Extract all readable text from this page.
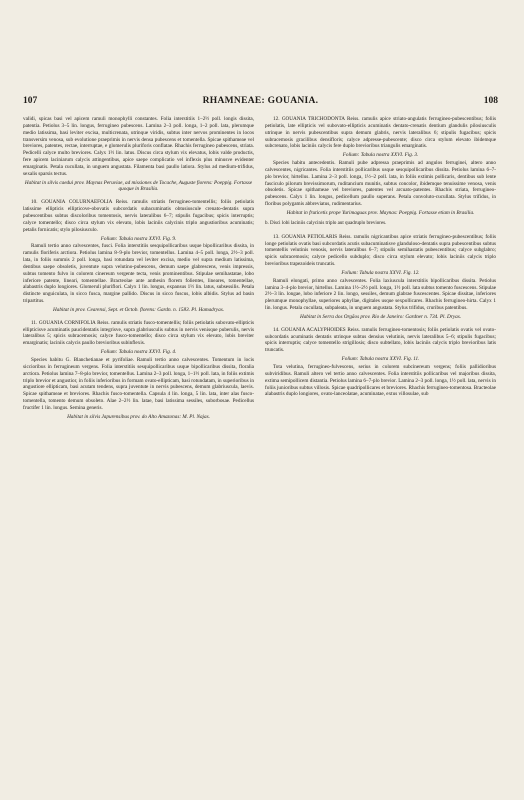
107	RHAMNEAE: GOUANIA.	108

validi, spicas basi vel apicem ramuli monophylli constantes. Folia interstitiis 1–2½ poll. longis dissita, patentia. Petiolus 3–5 lin. longus, ferrugineo pubescens. Lamina 2–3 poll. longa, 1–2 poll. lata, plerumque medio latissima, basi leviter excisa, multicrenata, utrinque viridis, subtus inter nervos prominentes in locos transversim venosa, sub evolutione praeprimis in nervis densa pubescens et tomentella. Spicae spithameae vel breviores, patentes, rectae, interruptae, e glomerulis pluriforis conflatae. Rhachis ferrugineo pubescens, striata. Pedicelli calyce multo breviores. Calyx 1½ lin. latus. Discus circa stylum vix elevatus, lobis valde productis, fere apicem laciniarum calycis attingentibus, apice saepe complicatio vel inflexis plus minusve evidenter emarginatis. Petala cucullata, in unguem angustata. Filamenta basi paullo latiora. Stylus ad medium-trifidus, sexalis sparsis tectus.

Habitat in silvis caedui prov. Maynas Peruviae, ad missiones de Tocache, Auguste fiorens: Poeppig. Fortasse quoque in Brasilia.

10. GOUANIA COLURNAEFOLIA Reiss. ramulis striatis ferrugineo-tomentellis; foliis petiolatis latissime ellipticis ellipticove-obovatis subcordatis subacuminatis obtusiuscule crenato-dentatis supra pubescentibus subtus discoloribus tomentosis, nervis lateralibus 6–7; stipulis fugacibus; spicis interruptis; calyce tomentello; disco circa stylum vix elevato, lobis laciniis calycinis triplo angustioribus acuminatis; petalis fornicatis; stylo pilosiusculo.

Folium: Tabula nostra XXVI. Fig. 9.

Ramuli tertio anno calvescentes, fusci. Folia interstitiis sesquipollicaribus usque bipollicaribus dissita, in ramulis floriferis arctiora. Petiolus lamina 8–9-plo brevior, tomentellus. Lamina 4–5 poll. longa, 2½–3 poll. lata, in foliis summis 2 poll. longa, basi rotundata vel leviter excisa, medio vel supra medium latissima, dentibus saepe obsoletis, juventute supra velutino-pubescens, demum saepe glabrescens, venis impressis, subtus tomento fulvo in colorem cinereum vergente tecta, venis prominentibus. Stipulae semihastatae, lobo inferiore patente, lineari, tomentellae. Bracteolae ante anthesin florem folientes, lineares, tomentellae, alabastris duplo longiores. Glomeruli pluriflori. Calyx 1 lin. longus, expansus 1½ lin. latus, subsessilis. Petala distincte unguiculata, in sicco fusca, margine pallido. Discus in sicco fuscus, lobis albidis. Stylus ad basin tripartitus.

Habitat in prov. Cearensi, Sept. et Octob. florens: Gardn. n. 1583. Pl. Hamadryas.

11. GOUANIA CORNIFOLIA Reiss. ramulis striatis fusco-tomentellis; foliis petiolatis subovato-ellipticis ellipticisve acuminatis paucidentatis integrisve, supra glabriusculis subtus in nervis venisque puberulis, nervis lateralibus 5; spicis subracemosis; calyce fusco-tomentello; disco circa stylum vix elevato, lobis breviter emarginatis; laciniis calycis paullo brevioribus subinflexis.

Folium: Tabula nostra XXVI. Fig. 4.

Species habitu G. Blanchetianae et pyrifoliae. Ramuli tertio anno calvescentes. Tomentum in locis siccioribus in ferrugineum vergens. Folia interstitiis sesquipollicaribus usque bipollicaribus dissita, floralia arctiora. Petiolus lamina 7–8-plo brevior, tomentellus. Lamina 2–3 poll. longa, 1–1½ poll. lata, in foliis extimis triplo brevior et angustior, in foliis inferioribus in formam ovato-ellipticam, basi rotundatam, in superioribus in angustiore ellipticam, basi acutam tendens, supra juventute in nervis pubescens, demum glabriuscula, laevis. Spicae spithameae et breviores. Rhachis fusco-tomentella. Capsula 4 lin. longa, 5 lin. lata, inter alas fusco-tomentella, tomento demum obsoleto. Alae 2–2½ lin. latae, basi latissima sessiles, suborbosae. Pedicellus fructifer 1 lin. longus. Semina generis.

Habitat in silvis Japurensibus prov. do Alto Amazonas: M. Pl. Najas.

12. GOUANIA TRICHODONTA Reiss. ramulis apice striato-angulatis ferrugineo-pubescentibus; foliis petiolatis, late ellipticis vel subovato-ellipticis acuminatis dentato-crenatis dentium glandulis pilosiusculis utrinque in nervis pubescentibus supra demum glabris, nervis lateralibus 6; stipulis fugacibus; spicis subracemosis gracilibus densifloris; calyce adpresse-pubescente; disco circa stylum elevato ibidemque subcrenato, lobis laciniis calycis fere duplo brevioribus triangulis emarginatis.

Folium: Tabula nostra XXVI. Fig. 3.

Species habitu antecedentis. Ramuli pube adpressa praeprimis ad angulos ferruginei, altero anno calvescentes, nigricantes. Folia interstitiis pollicaribus usque sesquipollicaribus dissita. Petiolus lamina 6–7-plo brevior, hirtellus. Lamina 2–3 poll. longa, 1½–2 poll. lata, in foliis extimis pollicaris, dentibus sub lente fasciculo pilorum brevissimorum, ruditancium munitis, subtus concolor, ibidemque tenuissime venosa, venis obsoletis. Spicae spithameae vel breviores, patentes vel arcuato-patentes. Rhachis striata, ferrugineo-pubescens. Calyx 1 lin. longus, pedicellum paullo superans. Petala convoluto-cucullata. Stylus trifidus, in floribus polygamis abbreviatus, rudimentarius.

Habitat in fruticetis prope Yurimaguas prov. Maynas: Poeppig. Fortasse etiam in Brasilia.

b. Disci lobi laciniis calycinis triplo aut quadruplo breviores.

13. GOUANIA PETIOLARIS Reiss. ramulis nigricantibus apice striatis ferrugineo-pubescentibus; foliis longe petiolatis ovatis basi subcordatis acutis subacuminatisve glanduloso-dentatis supra pubescentibus subtus tomentellis velutinis venosis, nervis lateralibus 6–7; stipulis semihastatis pubescentibus; calyce subglabro; spicis subracemosis; calyce pedicello subduplo; disco circa stylum elevato; lobis laciniis calycis triplo brevioribus trapezoideis truncatis.

Folium: Tabula nostra XXVI. Fig. 12.

Ramuli elongati, primo anno calvescentes. Folia laxiuscula interstitiis bipollicaribus dissita. Petiolus lamina 3–4-plo brevior, hirtellus. Lamina 1½–2½ poll. longa, 1½ poll. lata subtus tomento fuscescens. Stipulae 2½–3 lin. longae, lobo inferiore 2 lin. longo, sessiles, demum glabrae fuscescentes. Spicae dissitae, inferiores plerumque monophyllae, superiores aphyllae, digitales usque sexpollicares. Rhachis ferrugineo-hirta. Calyx 1 lin. longus. Petala cucullata, subpaleata, in unguem angustata. Stylus trifidus, cruribus patentibus.

Habitat in Serra dos Orgãos prov. Rio de Janeiro: Gardner n. 734. Pl. Dryas.

14. GOUANIA ACALYPHOIDES Reiss. ramulis ferrugineo-tomentosis; foliis petiolatis ovatis vel ovato-subcordatis acuminatis dentatis utrinque subtus densius velutinis, nervis lateralibus 5–6; stipulis fugacibus; spicis interruptis; calyce tomentello strigillosis; disco subtellato, lobis laciniis calycis triplo brevioribus latis truncatis.

Folium: Tabula nostra XXVI. Fig. 11.

Tota velutina, ferrugineo-fulvescens, serius in colorem subcinereum vergens; foliis pallidioribus subviridibus. Ramuli altero vel tertio anno calvescentes. Folia interstitiis pollicaribus vel majoribus dissita, extima semipollicem distantia. Petiolus lamina 6–7-plo brevior. Lamina 2–3 poll. longa, 1½ poll. lata, nervis in foliis junioribus subtus villosis. Spicae quadripollicares et breviores. Rhachis ferrugineo-tomentosa. Bracteolae alabastris duplo longiores, ovato-lanceolatae, acuminatae, extus villosulae, sub
